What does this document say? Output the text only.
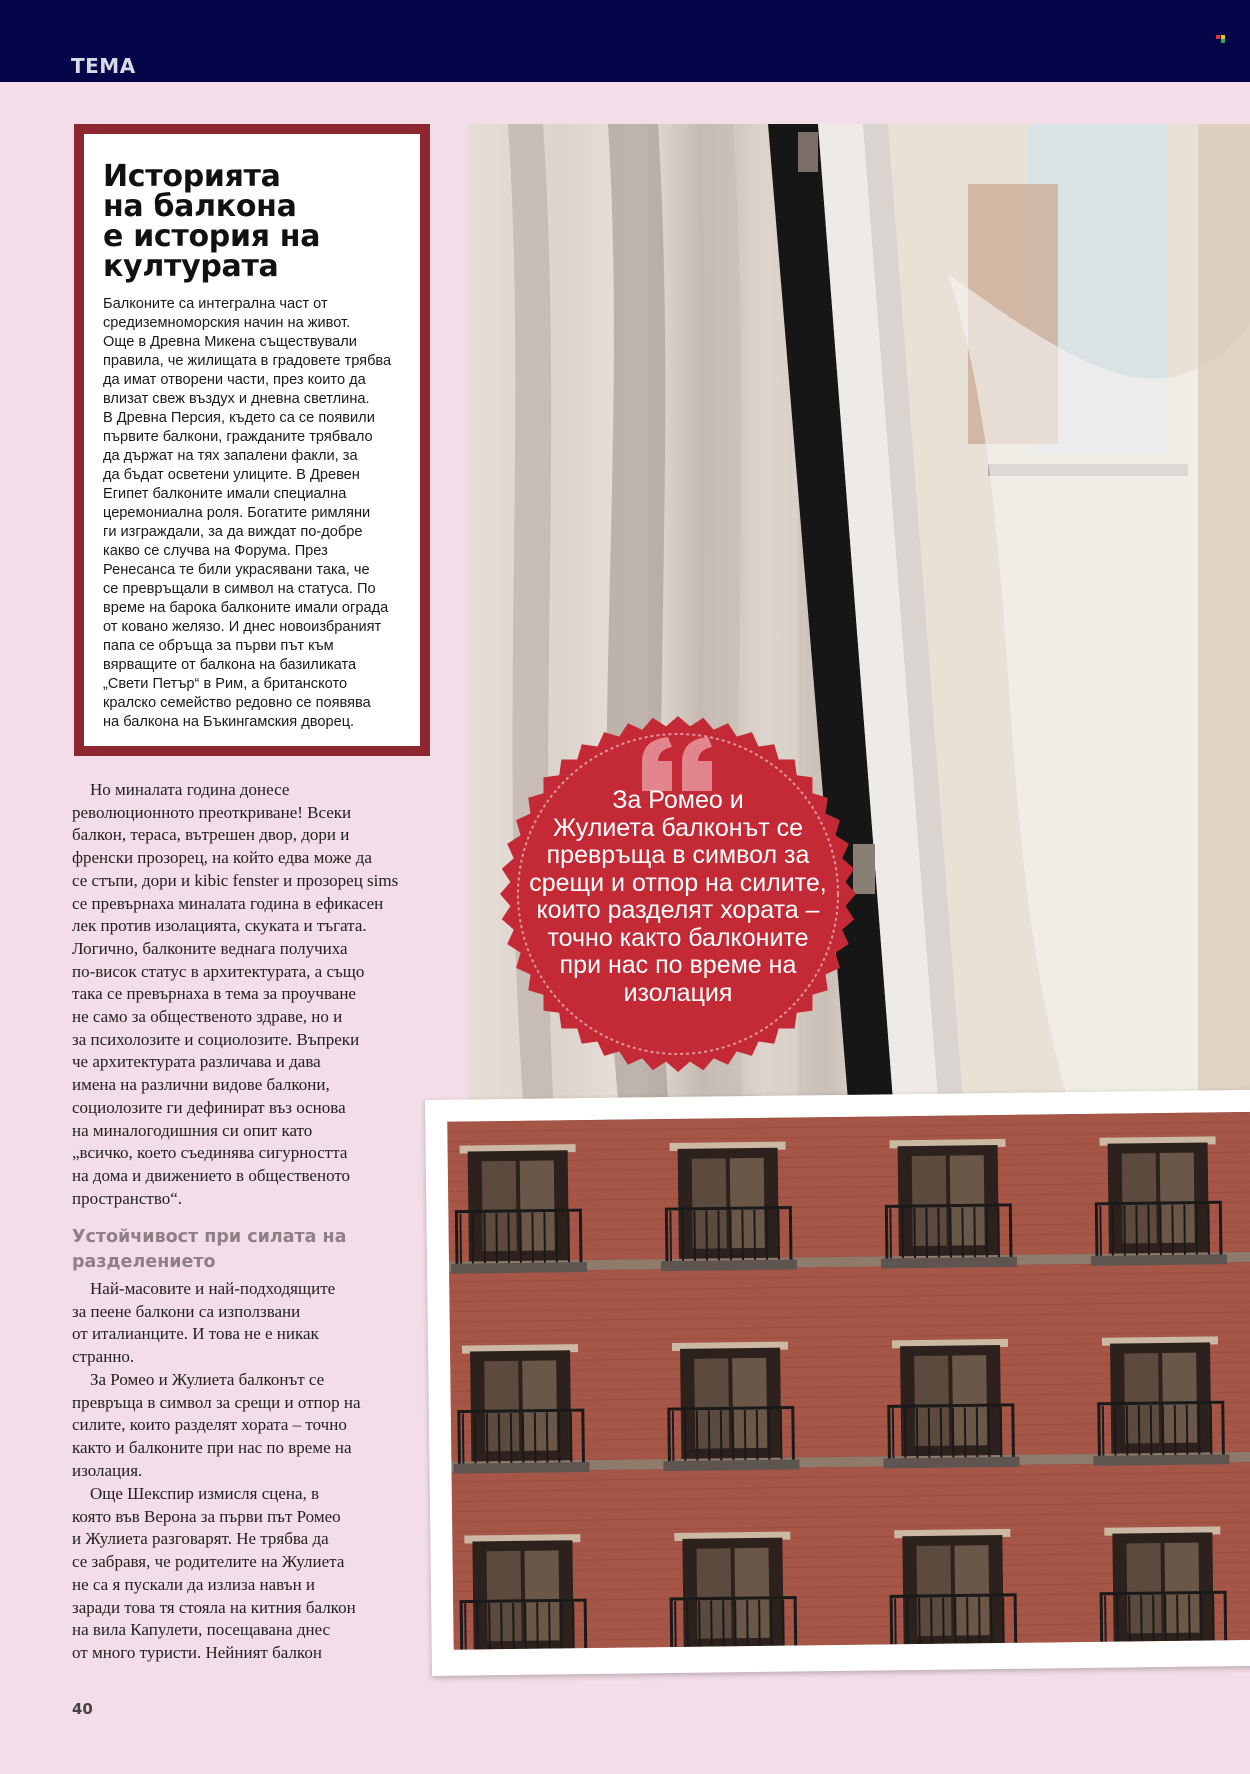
ТЕМА
Историята
на балкона
е история на
културата
Балконите са интегрална част от
средиземноморския начин на живот.
Още в Древна Микена съществували
правила, че жилищата в градовете трябва
да имат отворени части, през които да
влизат свеж въздух и дневна светлина.
В Древна Персия, където са се появили
първите балкони, гражданите трябвало
да държат на тях запалени факли, за
да бъдат осветени улиците. В Древен
Египет балконите имали специална
церемониална роля. Богатите римляни
ги изграждали, за да виждат по-добре
какво се случва на Форума. През
Ренесанса те били украсявани така, че
се превръщали в символ на статуса. По
време на барока балконите имали ограда
от ковано желязо. И днес новоизбраният
папа се обръща за първи път към
вярващите от балкона на базиликата
„Свети Петър“ в Рим, а британското
кралско семейство редовно се появява
на балкона на Бъкингамския дворец.
Но миналата година донесе
революционното преоткриване! Всеки
балкон, тераса, вътрешен двор, дори и
френски прозорец, на който едва може да
се стъпи, дори и kibic fenster и прозорец sims
се превърнаха миналата година в ефикасен
лек против изолацията, скуката и тъгата.
Логично, балконите веднага получиха
по-висок статус в архитектурата, а също
така се превърнаха в тема за проучване
не само за общественото здраве, но и
за психолозите и социолозите. Въпреки
че архитектурата различава и дава
имена на различни видове балкони,
социолозите ги дефинират въз основа
на миналогодишния си опит като
„всичко, което съединява сигурността
на дома и движението в общественото
пространство“.
Устойчивост при силата на
разделението
Най-масовите и най-подходящите
за пеене балкони са използвани
от италианците. И това не е никак
странно.
За Ромео и Жулиета балконът се
превръща в символ за срещи и отпор на
силите, които разделят хората – точно
както и балконите при нас по време на
изолация.
Още Шекспир измисля сцена, в
която във Верона за първи път Ромео
и Жулиета разговарят. Не трябва да
се забравя, че родителите на Жулиета
не са я пускали да излиза навън и
заради това тя стояла на китния балкон
на вила Капулети, посещавана днес
от много туристи. Нейният балкон
За Ромео и
Жулиета балконът се
превръща в символ за
срещи и отпор на силите,
които разделят хората –
точно както балконите
при нас по време на
изолация
40
